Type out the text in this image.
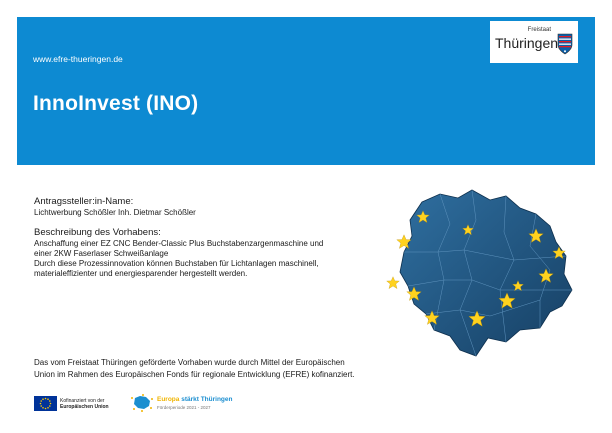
www.efre-thueringen.de
InnoInvest (INO)
Freistaat
Thüringen
Antragssteller:in-Name:
Lichtwerbung Schößler Inh. Dietmar Schößler
Beschreibung des Vorhabens:
Anschaffung einer EZ CNC Bender-Classic Plus Buchstabenzargenmaschine und
einer 2KW Faserlaser Schweißanlage
Durch diese Prozessinnovation können Buchstaben für Lichtanlagen maschinell,
materialeffizienter und energiesparender hergestellt werden.
Das vom Freistaat Thüringen geförderte Vorhaben wurde durch Mittel der Europäischen
Union im Rahmen des Europäischen Fonds für regionale Entwicklung (EFRE) kofinanziert.
Kofinanziert von der
Europäischen Union
Europa stärkt Thüringen
Förderperiode 2021 - 2027
